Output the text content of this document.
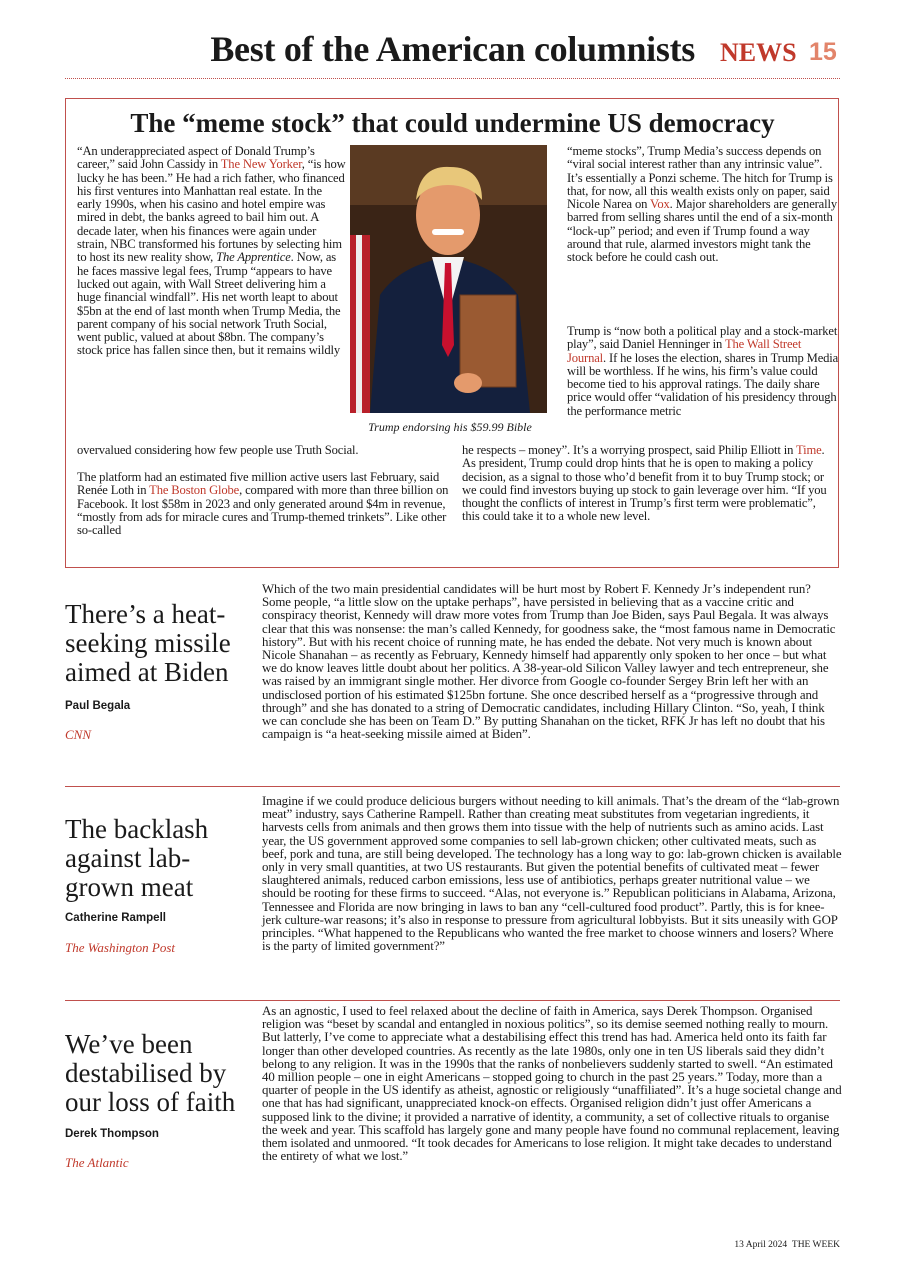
Best of the American columnists NEWS 15
The “meme stock” that could undermine US democracy
“An underappreciated aspect of Donald Trump’s career,” said John Cassidy in The New Yorker, “is how lucky he has been.” He had a rich father, who financed his first ventures into Manhattan real estate. In the early 1990s, when his casino and hotel empire was mired in debt, the banks agreed to bail him out. A decade later, when his finances were again under strain, NBC transformed his fortunes by selecting him to host its new reality show, The Apprentice. Now, as he faces massive legal fees, Trump “appears to have lucked out again, with Wall Street delivering him a huge financial windfall”. His net worth leapt to about $5bn at the end of last month when Trump Media, the parent company of his social network Truth Social, went public, valued at about $8bn. The company’s stock price has fallen since then, but it remains wildly
overvalued considering how few people use Truth Social.
The platform had an estimated five million active users last February, said Renée Loth in The Boston Globe, compared with more than three billion on Facebook. It lost $58m in 2023 and only generated around $4m in revenue, “mostly from ads for miracle cures and Trump-themed trinkets”. Like other so-called
Trump endorsing his $59.99 Bible
“meme stocks”, Trump Media’s success depends on “viral social interest rather than any intrinsic value”. It’s essentially a Ponzi scheme. The hitch for Trump is that, for now, all this wealth exists only on paper, said Nicole Narea on Vox. Major shareholders are generally barred from selling shares until the end of a six-month “lock-up” period; and even if Trump found a way around that rule, alarmed investors might tank the stock before he could cash out.
Trump is “now both a political play and a stock-market play”, said Daniel Henninger in The Wall Street Journal. If he loses the election, shares in Trump Media will be worthless. If he wins, his firm’s value could become tied to his approval ratings. The daily share price would offer “validation of his presidency through the performance metric
he respects – money”. It’s a worrying prospect, said Philip Elliott in Time. As president, Trump could drop hints that he is open to making a policy decision, as a signal to those who’d benefit from it to buy Trump stock; or we could find investors buying up stock to gain leverage over him. “If you thought the conflicts of interest in Trump’s first term were problematic”, this could take it to a whole new level.
There’s a heat-seeking missile aimed at Biden
Paul Begala
CNN
Which of the two main presidential candidates will be hurt most by Robert F. Kennedy Jr’s independent run? Some people, “a little slow on the uptake perhaps”, have persisted in believing that as a vaccine critic and conspiracy theorist, Kennedy will draw more votes from Trump than Joe Biden, says Paul Begala. It was always clear that this was nonsense: the man’s called Kennedy, for goodness sake, the “most famous name in Democratic history”. But with his recent choice of running mate, he has ended the debate. Not very much is known about Nicole Shanahan – as recently as February, Kennedy himself had apparently only spoken to her once – but what we do know leaves little doubt about her politics. A 38-year-old Silicon Valley lawyer and tech entrepreneur, she was raised by an immigrant single mother. Her divorce from Google co-founder Sergey Brin left her with an undisclosed portion of his estimated $125bn fortune. She once described herself as a “progressive through and through” and she has donated to a string of Democratic candidates, including Hillary Clinton. “So, yeah, I think we can conclude she has been on Team D.” By putting Shanahan on the ticket, RFK Jr has left no doubt that his campaign is “a heat-seeking missile aimed at Biden”.
The backlash against lab-grown meat
Catherine Rampell
The Washington Post
Imagine if we could produce delicious burgers without needing to kill animals. That’s the dream of the “lab-grown meat” industry, says Catherine Rampell. Rather than creating meat substitutes from vegetarian ingredients, it harvests cells from animals and then grows them into tissue with the help of nutrients such as amino acids. Last year, the US government approved some companies to sell lab-grown chicken; other cultivated meats, such as beef, pork and tuna, are still being developed. The technology has a long way to go: lab-grown chicken is available only in very small quantities, at two US restaurants. But given the potential benefits of cultivated meat – fewer slaughtered animals, reduced carbon emissions, less use of antibiotics, perhaps greater nutritional value – we should be rooting for these firms to succeed. “Alas, not everyone is.” Republican politicians in Alabama, Arizona, Tennessee and Florida are now bringing in laws to ban any “cell-cultured food product”. Partly, this is for knee-jerk culture-war reasons; it’s also in response to pressure from agricultural lobbyists. But it sits uneasily with GOP principles. “What happened to the Republicans who wanted the free market to choose winners and losers? Where is the party of limited government?”
We’ve been destabilised by our loss of faith
Derek Thompson
The Atlantic
As an agnostic, I used to feel relaxed about the decline of faith in America, says Derek Thompson. Organised religion was “beset by scandal and entangled in noxious politics”, so its demise seemed nothing really to mourn. But latterly, I’ve come to appreciate what a destabilising effect this trend has had. America held onto its faith far longer than other developed countries. As recently as the late 1980s, only one in ten US liberals said they didn’t belong to any religion. It was in the 1990s that the ranks of nonbelievers suddenly started to swell. “An estimated 40 million people – one in eight Americans – stopped going to church in the past 25 years.” Today, more than a quarter of people in the US identify as atheist, agnostic or religiously “unaffiliated”. It’s a huge societal change and one that has had significant, unappreciated knock-on effects. Organised religion didn’t just offer Americans a supposed link to the divine; it provided a narrative of identity, a community, a set of collective rituals to organise the week and year. This scaffold has largely gone and many people have found no communal replacement, leaving them isolated and unmoored. “It took decades for Americans to lose religion. It might take decades to understand the entirety of what we lost.”
13 April 2024 THE WEEK
